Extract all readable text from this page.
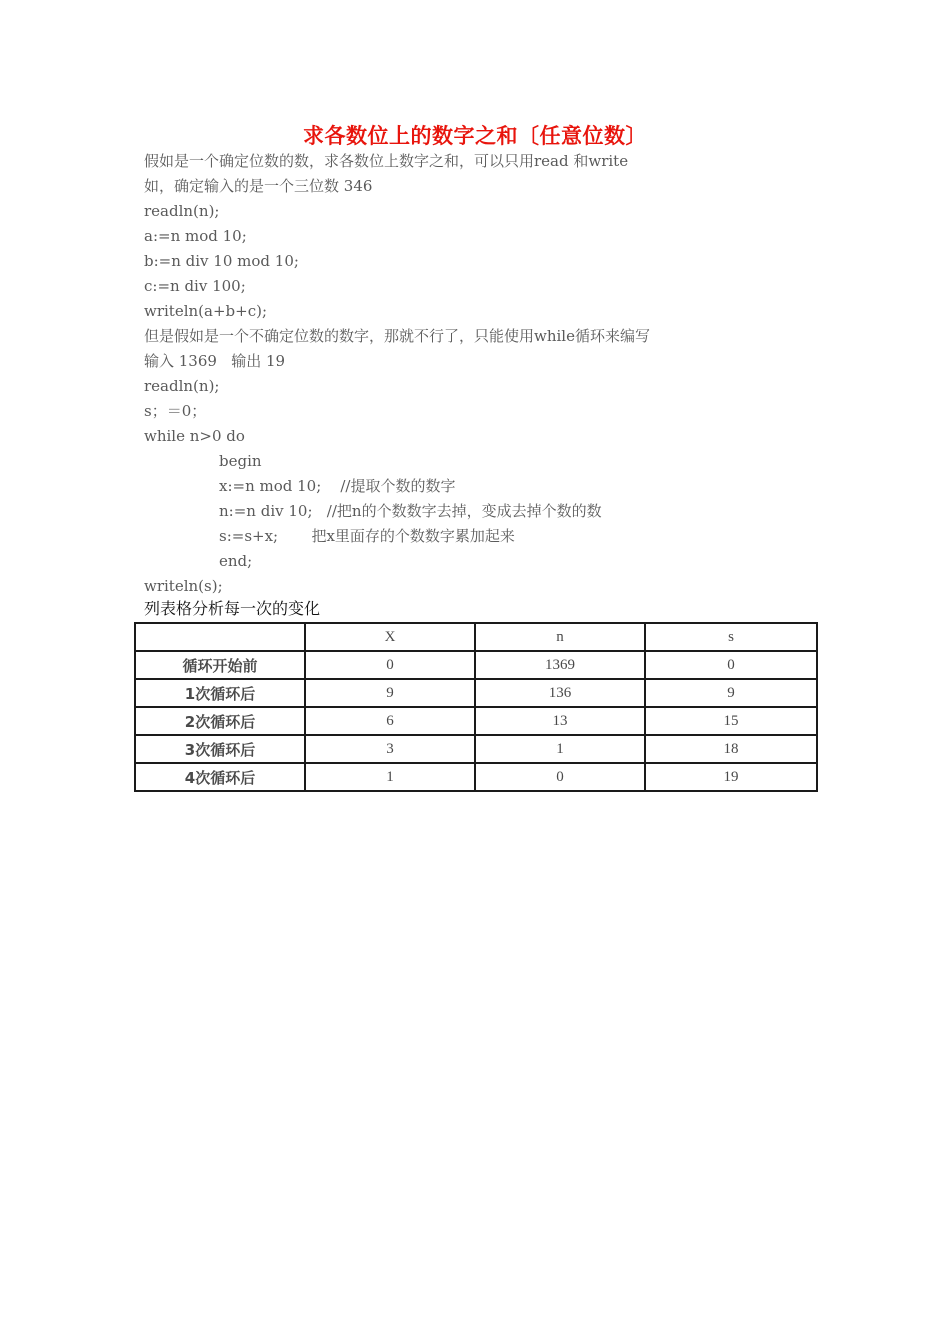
求各数位上的数字之和〔任意位数〕
假如是一个确定位数的数，求各数位上数字之和，可以只用read 和write
如，确定输入的是一个三位数 346
readln(n);
a:=n mod 10;
b:=n div 10 mod 10;
c:=n div 100;
writeln(a+b+c);
但是假如是一个不确定位数的数字，那就不行了，只能使用while循环来编写
输入 1369   输出 19
readln(n);
s；＝0；
while n>0 do
begin
x:=n mod 10;    //提取个数的数字
n:=n div 10;   //把n的个数数字去掉，变成去掉个数的数
s:=s+x;       把x里面存的个数数字累加起来
end;
writeln(s);
列表格分析每一次的变化
	X	n	s
循环开始前	0	1369	0
1次循环后	9	136	9
2次循环后	6	13	15
3次循环后	3	1	18
4次循环后	1	0	19
